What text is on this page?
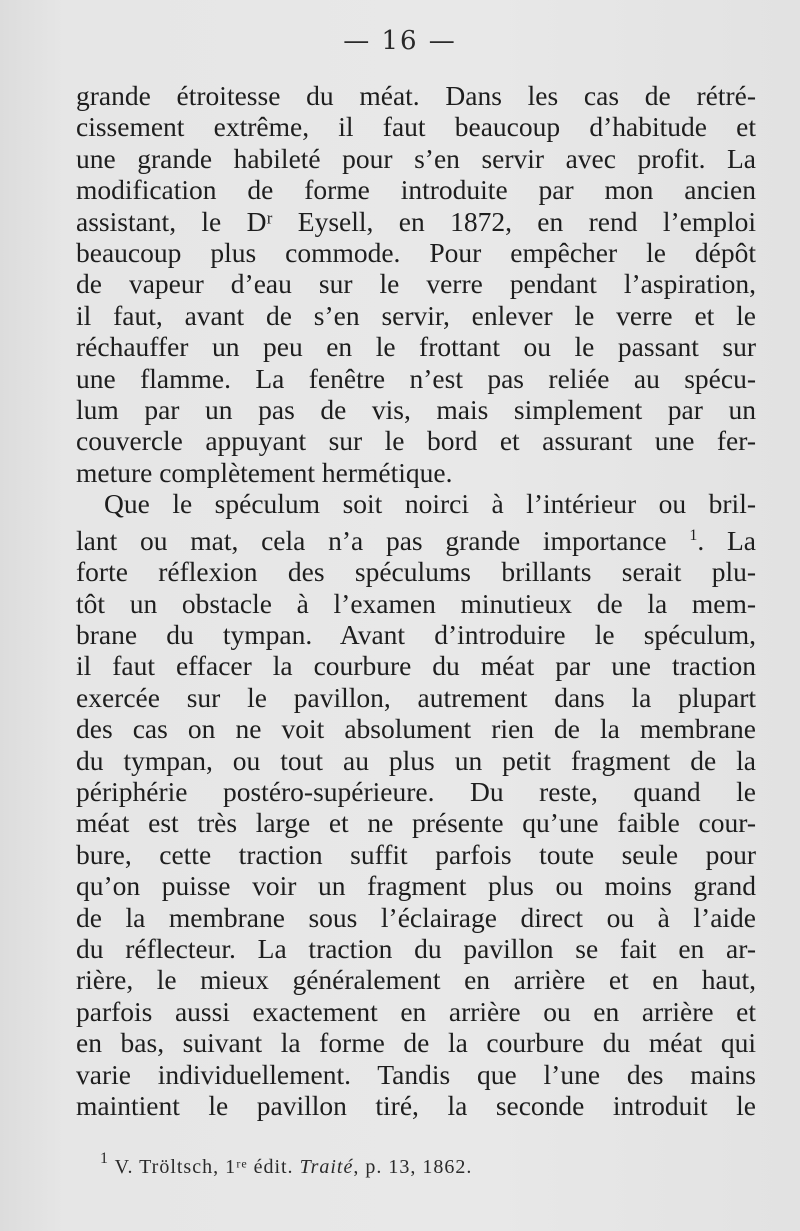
— 16 —
grande étroitesse du méat. Dans les cas de rétré-
cissement extrême, il faut beaucoup d’habitude et
une grande habileté pour s’en servir avec profit. La
modification de forme introduite par mon ancien
assistant, le Dʳ Eysell, en 1872, en rend l’emploi
beaucoup plus commode. Pour empêcher le dépôt
de vapeur d’eau sur le verre pendant l’aspiration,
il faut, avant de s’en servir, enlever le verre et le
réchauffer un peu en le frottant ou le passant sur
une flamme. La fenêtre n’est pas reliée au spécu-
lum par un pas de vis, mais simplement par un
couvercle appuyant sur le bord et assurant une fer-
meture complètement hermétique.
Que le spéculum soit noirci à l’intérieur ou bril-
lant ou mat, cela n’a pas grande importance $^1$. La
forte réflexion des spéculums brillants serait plu-
tôt un obstacle à l’examen minutieux de la mem-
brane du tympan. Avant d’introduire le spéculum,
il faut effacer la courbure du méat par une traction
exercée sur le pavillon, autrement dans la plupart
des cas on ne voit absolument rien de la membrane
du tympan, ou tout au plus un petit fragment de la
périphérie postéro-supérieure. Du reste, quand le
méat est très large et ne présente qu’une faible cour-
bure, cette traction suffit parfois toute seule pour
qu’on puisse voir un fragment plus ou moins grand
de la membrane sous l’éclairage direct ou à l’aide
du réflecteur. La traction du pavillon se fait en ar-
rière, le mieux généralement en arrière et en haut,
parfois aussi exactement en arrière ou en arrière et
en bas, suivant la forme de la courbure du méat qui
varie individuellement. Tandis que l’une des mains
maintient le pavillon tiré, la seconde introduit le
$^1$ V. Tröltsch, 1ʳᵉ édit. Traité, p. 13, 1862.
